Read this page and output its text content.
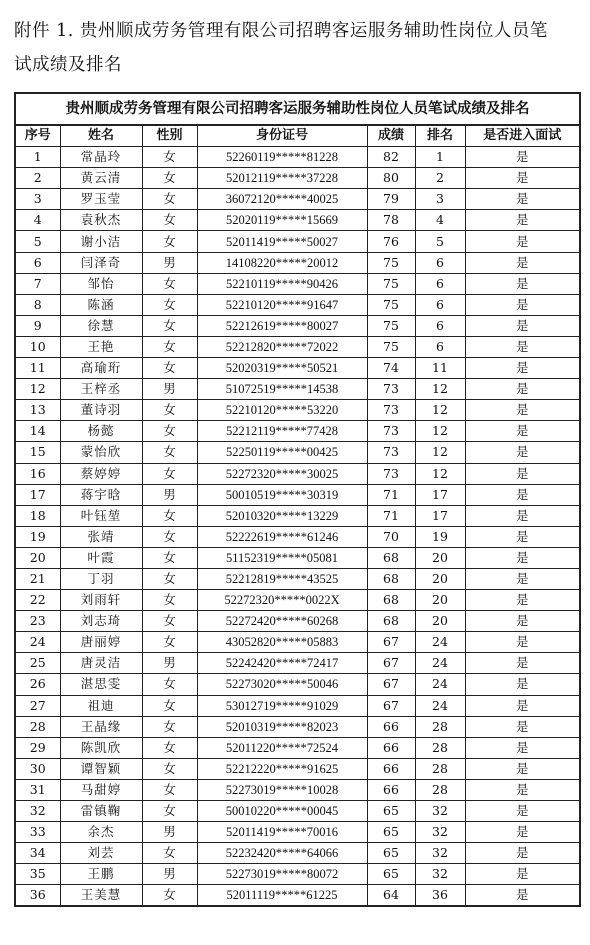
附件 1. 贵州顺成劳务管理有限公司招聘客运服务辅助性岗位人员笔
试成绩及排名
贵州顺成劳务管理有限公司招聘客运服务辅助性岗位人员笔试成绩及排名						
序号	姓名	性别	身份证号	成绩	排名	是否进入面试
1	常晶玲	女	52260119*****81228	82	1	是
2	黄云清	女	52012119*****37228	80	2	是
3	罗玉莹	女	36072120*****40025	79	3	是
4	袁秋杰	女	52020119*****15669	78	4	是
5	谢小洁	女	52011419*****50027	76	5	是
6	闫泽奇	男	14108220*****20012	75	6	是
7	邹怡	女	52210119*****90426	75	6	是
8	陈涵	女	52210120*****91647	75	6	是
9	徐慧	女	52212619*****80027	75	6	是
10	王艳	女	52212820*****72022	75	6	是
11	高瑜珩	女	52020319*****50521	74	11	是
12	王梓丞	男	51072519*****14538	73	12	是
13	董诗羽	女	52210120*****53220	73	12	是
14	杨懿	女	52212119*****77428	73	12	是
15	蒙怡欣	女	52250119*****00425	73	12	是
16	蔡婷婷	女	52272320*****30025	73	12	是
17	蒋宇晗	男	50010519*****30319	71	17	是
18	叶钰堃	女	52010320*****13229	71	17	是
19	张靖	女	52222619*****61246	70	19	是
20	叶霞	女	51152319*****05081	68	20	是
21	丁羽	女	52212819*****43525	68	20	是
22	刘雨轩	女	52272320*****0022X	68	20	是
23	刘志琦	女	52272420*****60268	68	20	是
24	唐丽婷	女	43052820*****05883	67	24	是
25	唐灵洁	男	52242420*****72417	67	24	是
26	湛思雯	女	52273020*****50046	67	24	是
27	祖迪	女	53012719*****91029	67	24	是
28	王晶缘	女	52010319*****82023	66	28	是
29	陈凯欣	女	52011220*****72524	66	28	是
30	谭智颖	女	52212220*****91625	66	28	是
31	马甜婷	女	52273019*****10028	66	28	是
32	雷镇鞠	女	50010220*****00045	65	32	是
33	余杰	男	52011419*****70016	65	32	是
34	刘芸	女	52232420*****64066	65	32	是
35	王鹏	男	52273019*****80072	65	32	是
36	王美慧	女	52011119*****61225	64	36	是
